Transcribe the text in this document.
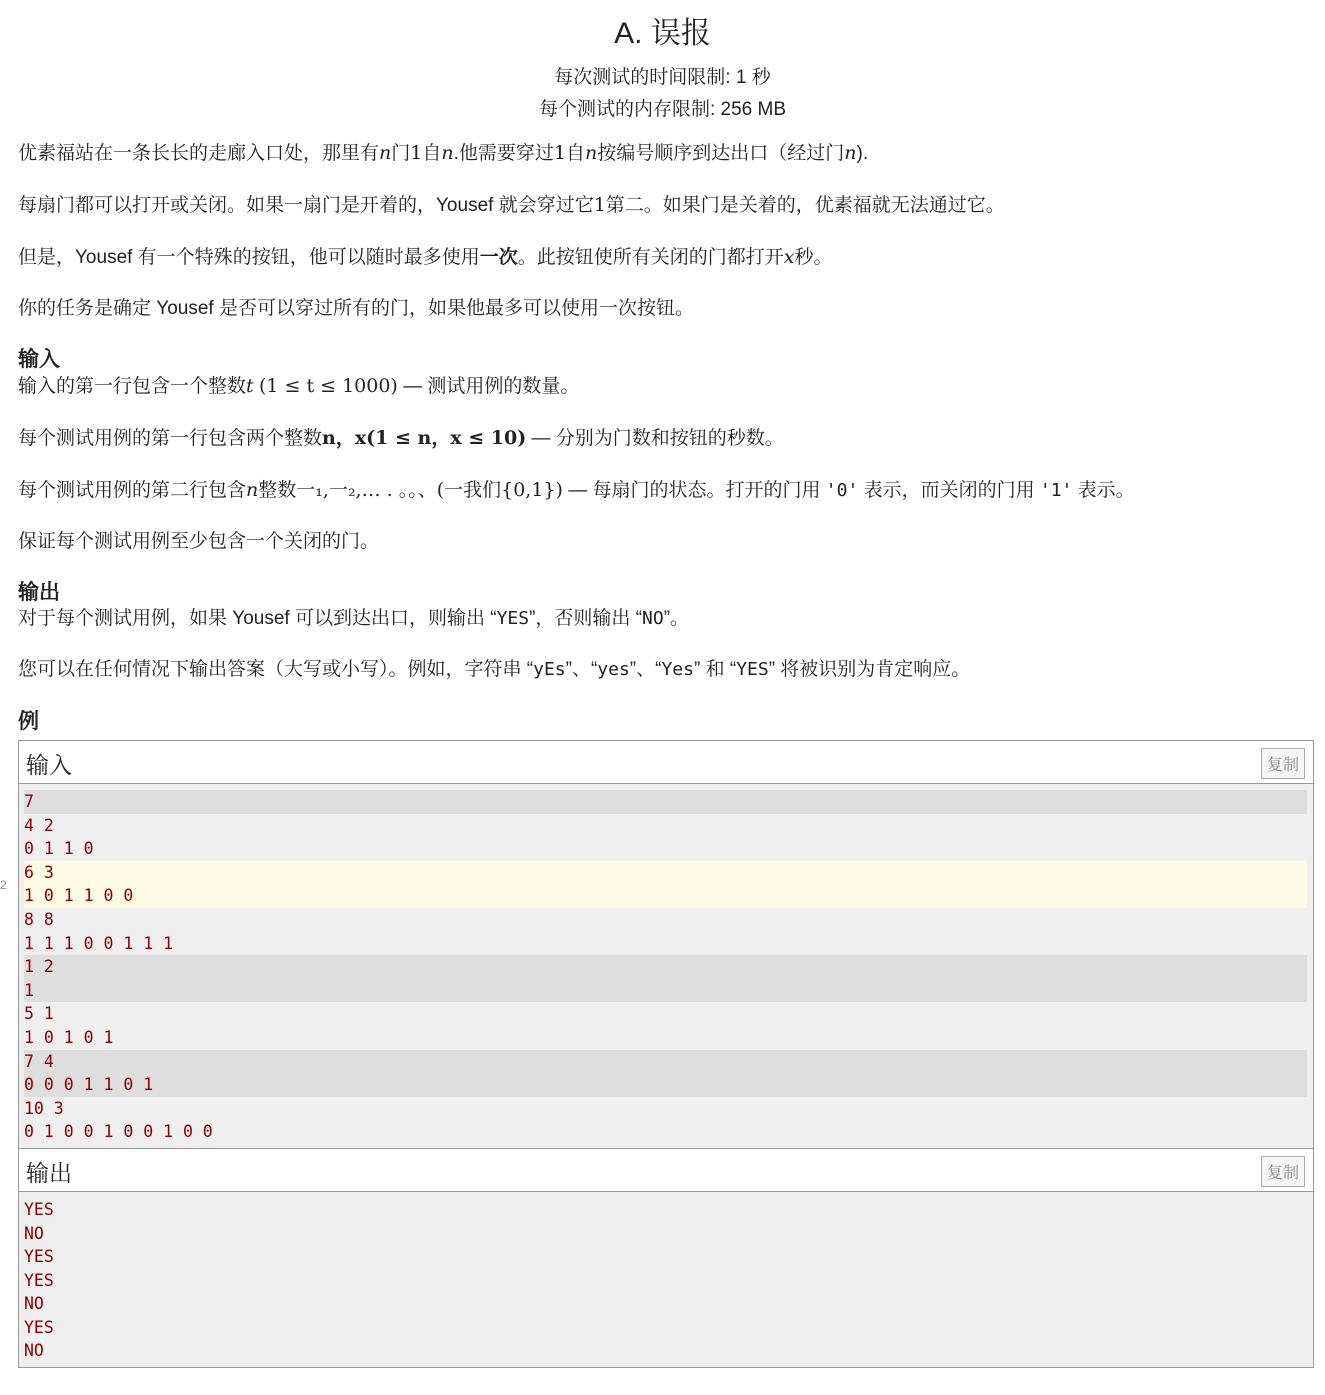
A. 误报
每次测试的时间限制: 1 秒
每个测试的内存限制: 256 MB
2

优素福站在一条长长的走廊入口处，那里有n门1自n.他需要穿过1自n按编号顺序到达出口（经过门n).

每扇门都可以打开或关闭。如果一扇门是开着的，Yousef 就会穿过它1第二。如果门是关着的，优素福就无法通过它。

但是，Yousef 有一个特殊的按钮，他可以随时最多使用一次。此按钮使所有关闭的门都打开x秒。

你的任务是确定 Yousef 是否可以穿过所有的门，如果他最多可以使用一次按钮。

输入

输入的第一行包含一个整数t (1 ≤ t ≤ 1000) — 测试用例的数量。

每个测试用例的第一行包含两个整数n，x(1 ≤ n，x ≤ 10) — 分别为门数和按钮的秒数。

每个测试用例的第二行包含n整数一₁,一₂,… . 。。、(一我们{0,1}) — 每扇门的状态。打开的门用 '0' 表示，而关闭的门用 '1' 表示。

保证每个测试用例至少包含一个关闭的门。

输出

对于每个测试用例，如果 Yousef 可以到达出口，则输出 “YES”，否则输出 “NO”。

您可以在任何情况下输出答案（大写或小写）。例如，字符串 “yEs”、“yes”、“Yes” 和 “YES” 将被识别为肯定响应。

例
输入	复制
7
4 2
0 1 1 0
6 3
1 0 1 1 0 0
8 8
1 1 1 0 0 1 1 1
1 2
1
5 1
1 0 1 0 1
7 4
0 0 0 1 1 0 1
10 3
0 1 0 0 1 0 0 1 0 0
输出	复制
YES
NO
YES
YES
NO
YES
NO
